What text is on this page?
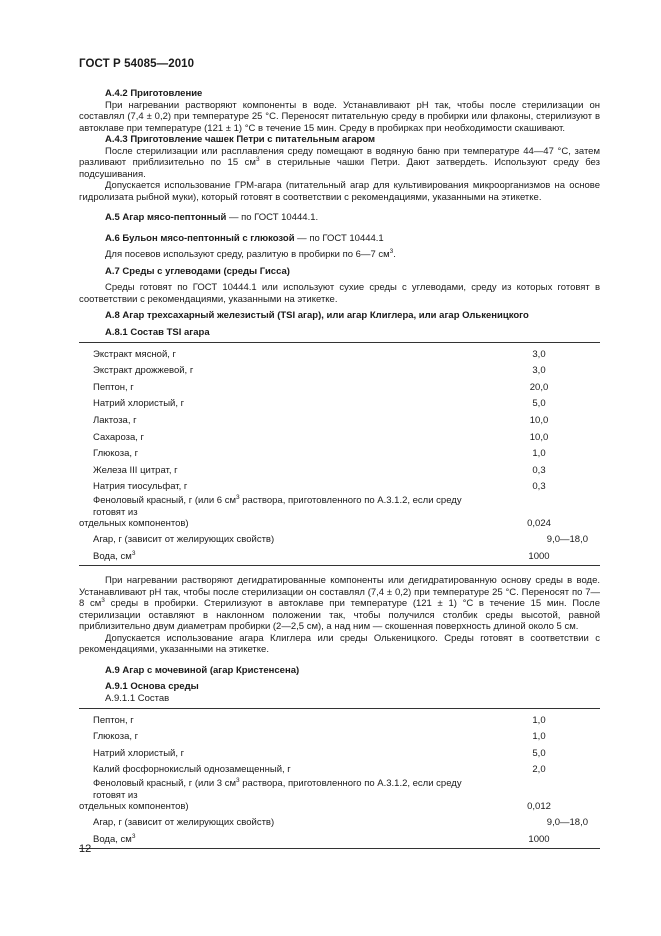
ГОСТ Р 54085—2010
А.4.2 Приготовление
При нагревании растворяют компоненты в воде. Устанавливают рН так, чтобы после стерилизации он составлял (7,4 ± 0,2) при температуре 25 °С. Переносят питательную среду в пробирки или флаконы, стерилизуют в автоклаве при температуре (121 ± 1) °С в течение 15 мин. Среду в пробирках при необходимости скашивают.
А.4.3 Приготовление чашек Петри с питательным агаром
После стерилизации или расплавления среду помещают в водяную баню при температуре 44—47 °С, затем разливают приблизительно по 15 $см^3$ в стерильные чашки Петри. Дают затвердеть. Используют среду без подсушивания.
Допускается использование ГРМ-агара (питательный агар для культивирования микроорганизмов на основе гидролизата рыбной муки), который готовят в соответствии с рекомендациями, указанными на этикетке.
А.5 Агар мясо-пептонный — по ГОСТ 10444.1.
А.6 Бульон мясо-пептонный с глюкозой — по ГОСТ 10444.1
Для посевов используют среду, разлитую в пробирки по 6—7 $см^3$.
А.7 Среды с углеводами (среды Гисса)
Среды готовят по ГОСТ 10444.1 или используют сухие среды с углеводами, среду из которых готовят в соответствии с рекомендациями, указанными на этикетке.
А.8 Агар трехсахарный железистый (TSI агар), или агар Клиглера, или агар Олькеницкого
А.8.1 Состав TSI агара
Экстракт мясной, г	3,0
Экстракт дрожжевой, г	3,0
Пептон, г	20,0
Натрий хлористый, г	5,0
Лактоза, г	10,0
Сахароза, г	10,0
Глюкоза, г	1,0
Железа III цитрат, г	0,3
Натрия тиосульфат, г	0,3

Феноловый красный, г (или 6 $см^3$ раствора, приготовленного по А.3.1.2, если среду готовят из
отдельных компонентов)	0,024
Агар, г (зависит от желирующих свойств)	9,0—18,0
Вода, $см^3$	1000
При нагревании растворяют дегидратированные компоненты или дегидратированную основу среды в воде. Устанавливают рН так, чтобы после стерилизации он составлял (7,4 ± 0,2) при температуре 25 °С. Переносят по 7—8 $см^3$ среды в пробирки. Стерилизуют в автоклаве при температуре (121 ± 1) °С в течение 15 мин. После стерилизации оставляют в наклонном положении так, чтобы получился столбик среды высотой, равной приблизительно двум диаметрам пробирки (2—2,5 см), а над ним — скошенная поверхность длиной около 5 см.
Допускается использование агара Клиглера или среды Олькеницкого. Среды готовят в соответствии с рекомендациями, указанными на этикетке.
А.9 Агар с мочевиной (агар Кристенсена)
А.9.1 Основа среды
А.9.1.1 Состав
Пептон, г	1,0
Глюкоза, г	1,0
Натрий хлористый, г	5,0
Калий фосфорнокислый однозамещенный, г	2,0

Феноловый красный, г (или 3 $см^3$ раствора, приготовленного по А.3.1.2, если среду готовят из
отдельных компонентов)	0,012
Агар, г (зависит от желирующих свойств)	9,0—18,0
Вода, $см^3$	1000
12
